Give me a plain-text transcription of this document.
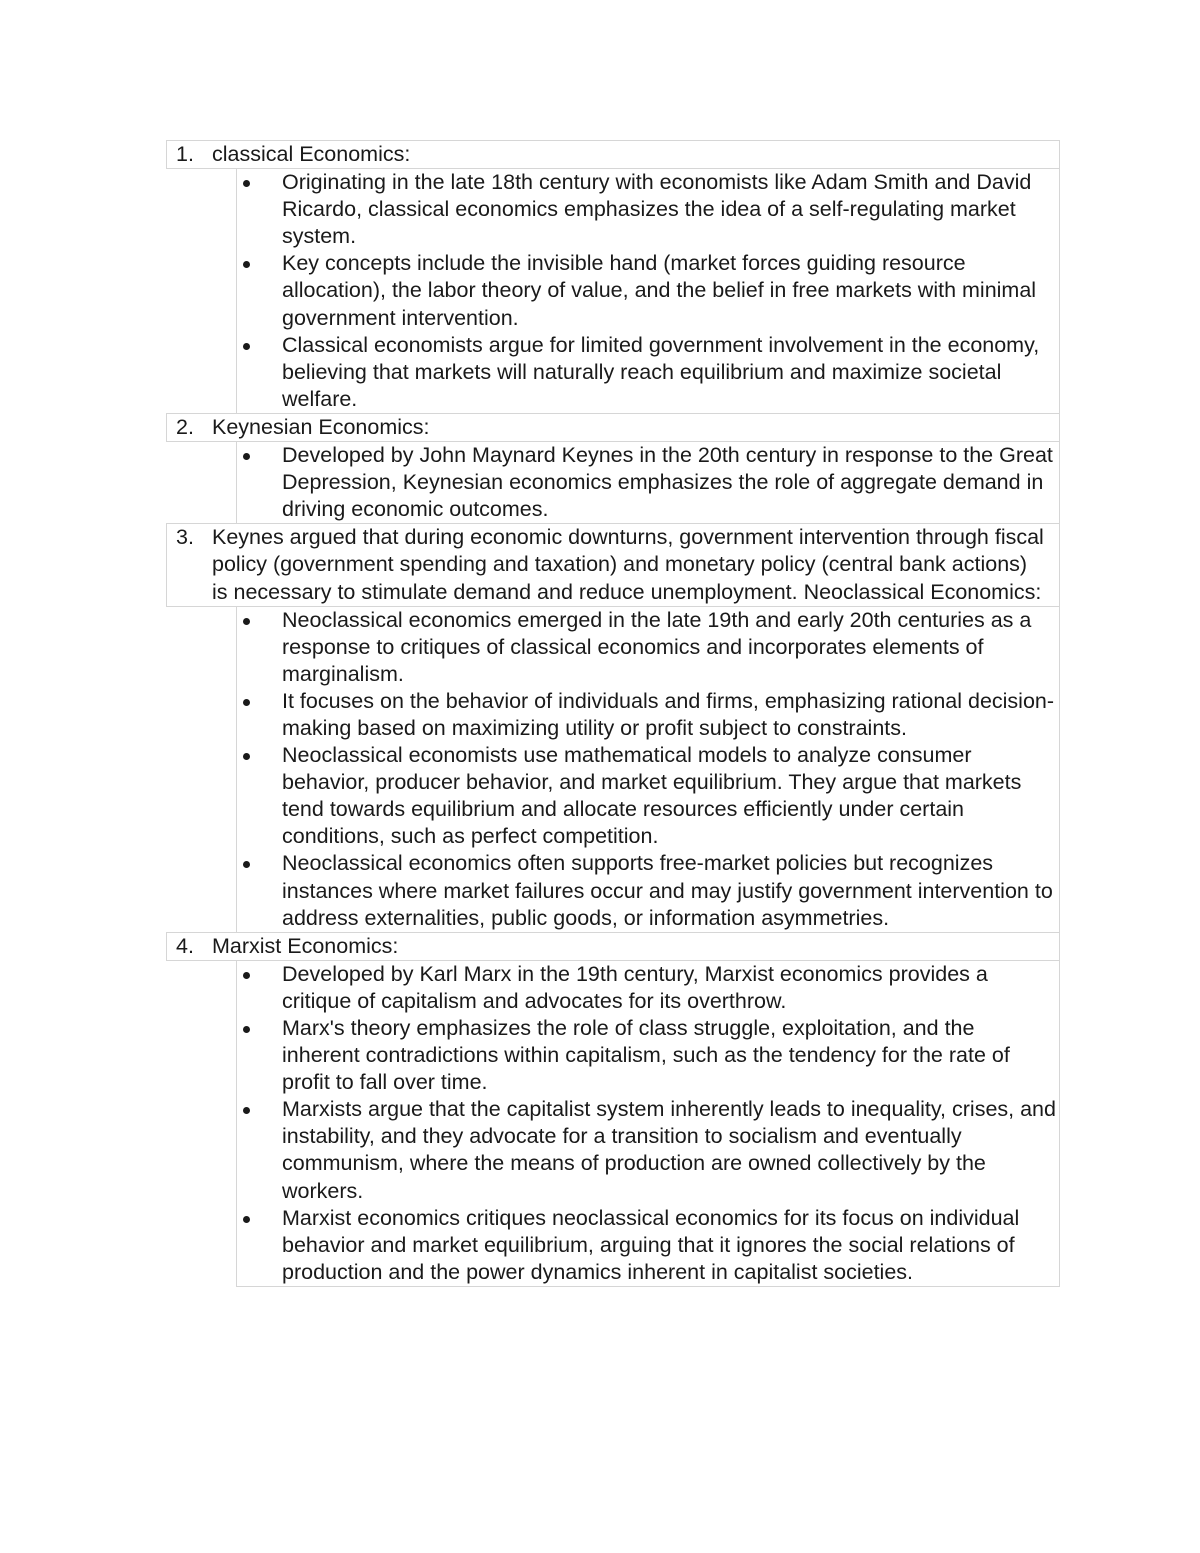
1. classical Economics:
Originating in the late 18th century with economists like Adam Smith and David Ricardo, classical economics emphasizes the idea of a self-regulating market system.
Key concepts include the invisible hand (market forces guiding resource allocation), the labor theory of value, and the belief in free markets with minimal government intervention.
Classical economists argue for limited government involvement in the economy, believing that markets will naturally reach equilibrium and maximize societal welfare.
2. Keynesian Economics:
Developed by John Maynard Keynes in the 20th century in response to the Great Depression, Keynesian economics emphasizes the role of aggregate demand in driving economic outcomes.
3. Keynes argued that during economic downturns, government intervention through fiscal policy (government spending and taxation) and monetary policy (central bank actions) is necessary to stimulate demand and reduce unemployment. Neoclassical Economics:
Neoclassical economics emerged in the late 19th and early 20th centuries as a response to critiques of classical economics and incorporates elements of marginalism.
It focuses on the behavior of individuals and firms, emphasizing rational decision-making based on maximizing utility or profit subject to constraints.
Neoclassical economists use mathematical models to analyze consumer behavior, producer behavior, and market equilibrium. They argue that markets tend towards equilibrium and allocate resources efficiently under certain conditions, such as perfect competition.
Neoclassical economics often supports free-market policies but recognizes instances where market failures occur and may justify government intervention to address externalities, public goods, or information asymmetries.
4. Marxist Economics:
Developed by Karl Marx in the 19th century, Marxist economics provides a critique of capitalism and advocates for its overthrow.
Marx's theory emphasizes the role of class struggle, exploitation, and the inherent contradictions within capitalism, such as the tendency for the rate of profit to fall over time.
Marxists argue that the capitalist system inherently leads to inequality, crises, and instability, and they advocate for a transition to socialism and eventually communism, where the means of production are owned collectively by the workers.
Marxist economics critiques neoclassical economics for its focus on individual behavior and market equilibrium, arguing that it ignores the social relations of production and the power dynamics inherent in capitalist societies.
